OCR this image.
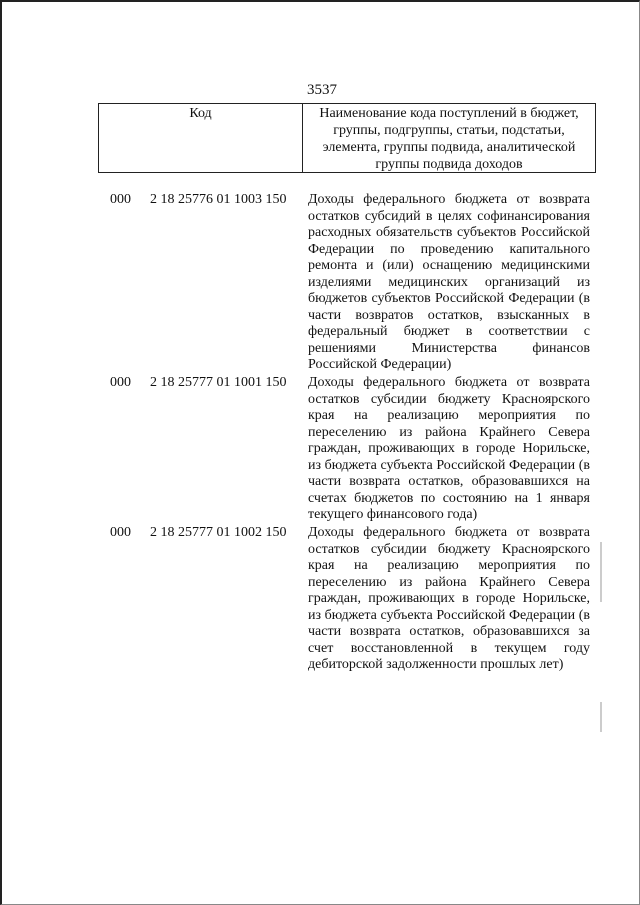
3537
Код	Наименование кода поступлений в бюджет, группы, подгруппы, статьи, подстатьи, элемента, группы подвида, аналитической группы подвида доходов
000 2 18 25776 01 1003 150 Доходы федерального бюджета от возврата остатков субсидий в целях софинансирования расходных обязательств субъектов Российской Федерации по проведению капитального ремонта и (или) оснащению медицинскими изделиями медицинских организаций из бюджетов субъектов Российской Федерации (в части возвратов остатков, взысканных в федеральный бюджет в соответствии с решениями Министерства финансов Российской Федерации)
000 2 18 25777 01 1001 150 Доходы федерального бюджета от возврата остатков субсидии бюджету Красноярского края на реализацию мероприятия по переселению из района Крайнего Севера граждан, проживающих в городе Норильске, из бюджета субъекта Российской Федерации (в части возврата остатков, образовавшихся на счетах бюджетов по состоянию на 1 января текущего финансового года)
000 2 18 25777 01 1002 150 Доходы федерального бюджета от возврата остатков субсидии бюджету Красноярского края на реализацию мероприятия по переселению из района Крайнего Севера граждан, проживающих в городе Норильске, из бюджета субъекта Российской Федерации (в части возврата остатков, образовавшихся за счет восстановленной в текущем году дебиторской задолженности прошлых лет)
